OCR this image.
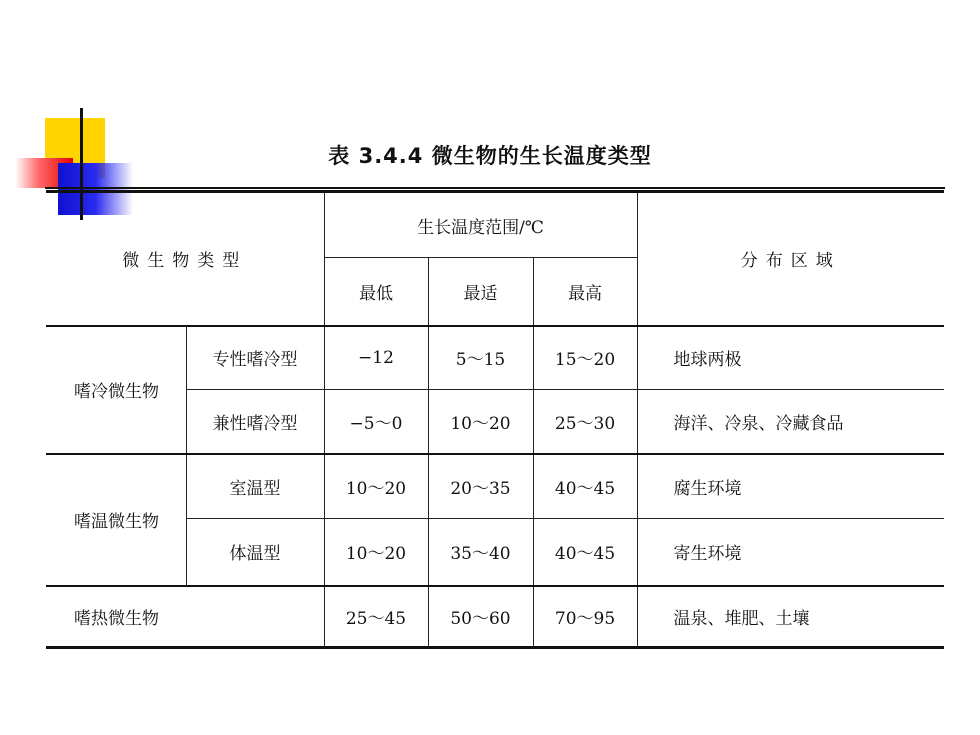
表 3.4.4 微生物的生长温度类型
微生物类型		生长温度范围/℃			分布区域
		最低	最适	最高	
嗜冷微生物	专性嗜冷型	−12	5～15	15～20	地球两极
	兼性嗜冷型	−5～0	10～20	25～30	海洋、冷泉、冷藏食品
嗜温微生物	室温型	10～20	20～35	40～45	腐生环境
	体温型	10～20	35～40	40～45	寄生环境
嗜热微生物		25～45	50～60	70～95	温泉、堆肥、土壤
